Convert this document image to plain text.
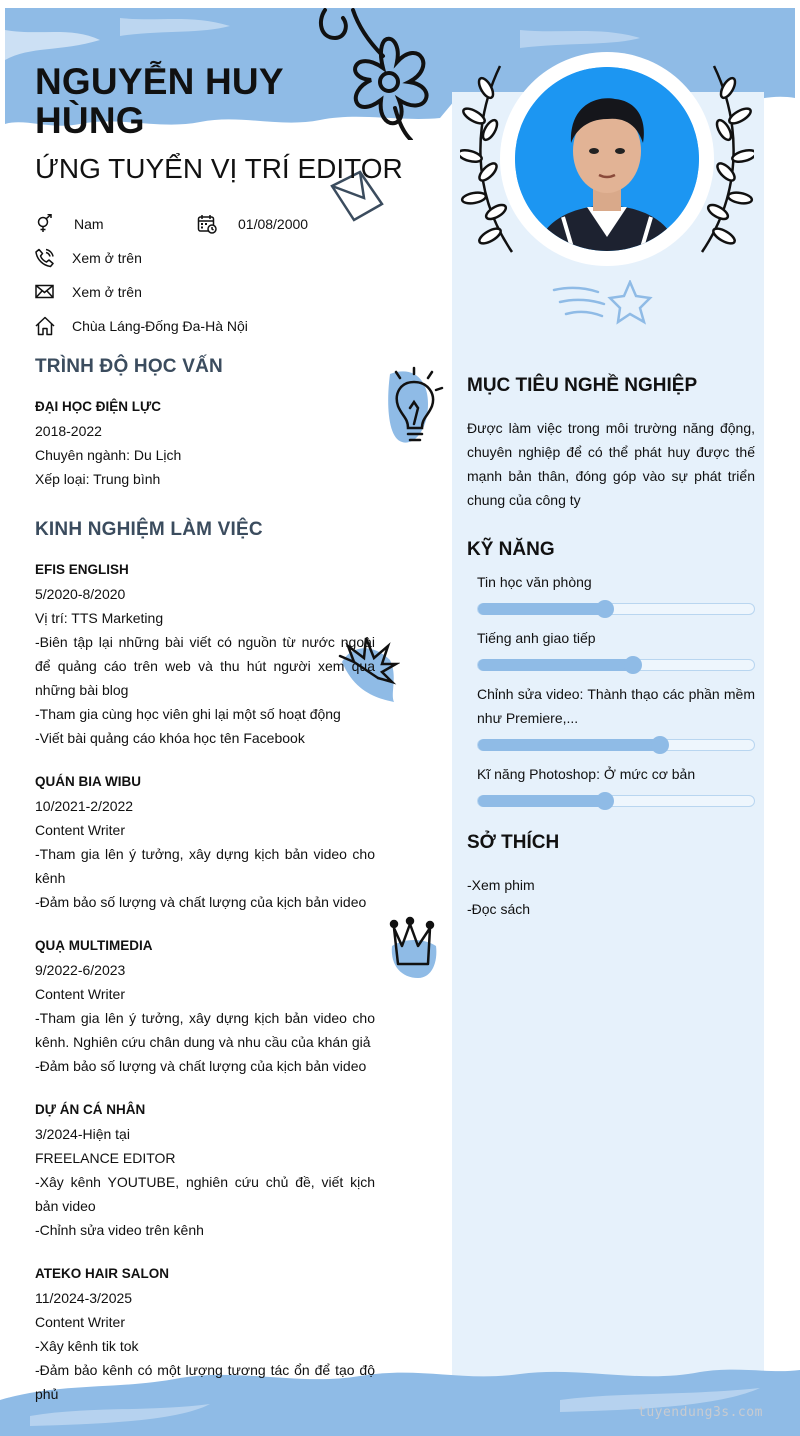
NGUYỄN HUY HÙNG
ỨNG TUYỂN VỊ TRÍ EDITOR
Nam	01/08/2000
Xem ở trên
Xem ở trên
Chùa Láng-Đống Đa-Hà Nội
TRÌNH ĐỘ HỌC VẤN
ĐẠI HỌC ĐIỆN LỰC
2018-2022
Chuyên ngành: Du Lịch
Xếp loại: Trung bình
KINH NGHIỆM LÀM VIỆC
EFIS ENGLISH
5/2020-8/2020
Vị trí: TTS Marketing

-Biên tập lại những bài viết có nguồn từ nước ngoài để quảng cáo trên web và thu hút người xem qua những bài blog

-Tham gia cùng học viên ghi lại một số hoạt động

-Viết bài quảng cáo khóa học tên Facebook

QUÁN BIA WIBU
10/2021-2/2022
Content Writer

-Tham gia lên ý tưởng, xây dựng kịch bản video cho kênh

-Đảm bảo số lượng và chất lượng của kịch bản video

QUẠ MULTIMEDIA
9/2022-6/2023
Content Writer

-Tham gia lên ý tưởng, xây dựng kịch bản video cho kênh. Nghiên cứu chân dung và nhu cầu của khán giả

-Đảm bảo số lượng và chất lượng của kịch bản video

DỰ ÁN CÁ NHÂN
3/2024-Hiện tại
FREELANCE EDITOR

-Xây kênh YOUTUBE, nghiên cứu chủ đề, viết kịch bản video

-Chỉnh sửa video trên kênh

ATEKO HAIR SALON
11/2024-3/2025
Content Writer

-Xây kênh tik tok

-Đảm bảo kênh có một lượng tương tác ổn để tạo độ phủ

MỤC TIÊU NGHỀ NGHIỆP
Được làm việc trong môi trường năng động, chuyên nghiệp để có thể phát huy được thế mạnh bản thân, đóng góp vào sự phát triển chung của công ty
KỸ NĂNG
Tin học văn phòng
Tiếng anh giao tiếp
Chỉnh sửa video: Thành thạo các phần mềm như Premiere,...
Kĩ năng Photoshop: Ở mức cơ bản
SỞ THÍCH
-Xem phim
-Đọc sách
tuyendung3s.com
